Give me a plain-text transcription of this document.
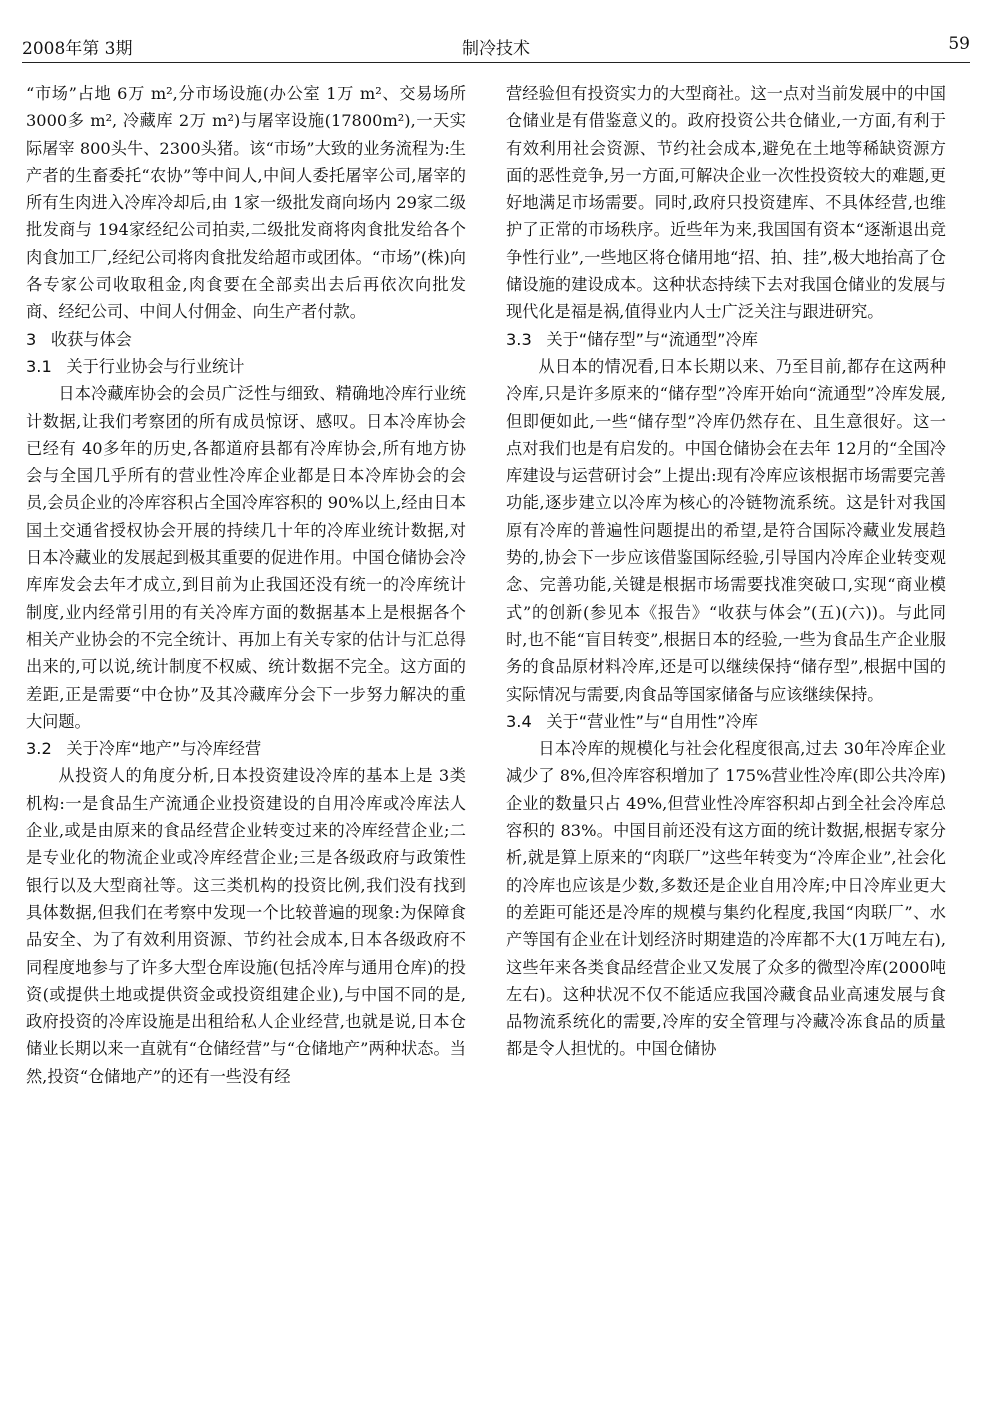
2008年第 3期	制冷技术	59

“市场”占地 6万 m²,分市场设施(办公室 1万 m²、交易场所 3000多 m², 冷藏库 2万 m²)与屠宰设施(17800m²),一天实际屠宰 800头牛、2300头猪。该“市场”大致的业务流程为:生产者的生畜委托“农协”等中间人,中间人委托屠宰公司,屠宰的所有生肉进入冷库冷却后,由 1家一级批发商向场内 29家二级批发商与 194家经纪公司拍卖,二级批发商将肉食批发给各个肉食加工厂,经纪公司将肉食批发给超市或团体。“市场”(株)向各专家公司收取租金,肉食要在全部卖出去后再依次向批发商、经纪公司、中间人付佣金、向生产者付款。

3 收获与体会
3.1 关于行业协会与行业统计

日本冷藏库协会的会员广泛性与细致、精确地冷库行业统计数据,让我们考察团的所有成员惊讶、感叹。日本冷库协会已经有 40多年的历史,各都道府县都有冷库协会,所有地方协会与全国几乎所有的营业性冷库企业都是日本冷库协会的会员,会员企业的冷库容积占全国冷库容积的 90%以上,经由日本国土交通省授权协会开展的持续几十年的冷库业统计数据,对日本冷藏业的发展起到极其重要的促进作用。中国仓储协会冷库库发会去年才成立,到目前为止我国还没有统一的冷库统计制度,业内经常引用的有关冷库方面的数据基本上是根据各个相关产业协会的不完全统计、再加上有关专家的估计与汇总得出来的,可以说,统计制度不权威、统计数据不完全。这方面的差距,正是需要“中仓协”及其冷藏库分会下一步努力解决的重大问题。

3.2 关于冷库“地产”与冷库经营

从投资人的角度分析,日本投资建设冷库的基本上是 3类机构:一是食品生产流通企业投资建设的自用冷库或冷库法人企业,或是由原来的食品经营企业转变过来的冷库经营企业;二是专业化的物流企业或冷库经营企业;三是各级政府与政策性银行以及大型商社等。这三类机构的投资比例,我们没有找到具体数据,但我们在考察中发现一个比较普遍的现象:为保障食品安全、为了有效利用资源、节约社会成本,日本各级政府不同程度地参与了许多大型仓库设施(包括冷库与通用仓库)的投资(或提供土地或提供资金或投资组建企业),与中国不同的是,政府投资的冷库设施是出租给私人企业经营,也就是说,日本仓储业长期以来一直就有“仓储经营”与“仓储地产”两种状态。当然,投资“仓储地产”的还有一些没有经

营经验但有投资实力的大型商社。这一点对当前发展中的中国仓储业是有借鉴意义的。政府投资公共仓储业,一方面,有利于有效利用社会资源、节约社会成本,避免在土地等稀缺资源方面的恶性竞争,另一方面,可解决企业一次性投资较大的难题,更好地满足市场需要。同时,政府只投资建库、不具体经营,也维护了正常的市场秩序。近些年为来,我国国有资本“逐渐退出竞争性行业”,一些地区将仓储用地“招、拍、挂”,极大地抬高了仓储设施的建设成本。这种状态持续下去对我国仓储业的发展与现代化是福是祸,值得业内人士广泛关注与跟进研究。

3.3 关于“储存型”与“流通型”冷库

从日本的情况看,日本长期以来、乃至目前,都存在这两种冷库,只是许多原来的“储存型”冷库开始向“流通型”冷库发展,但即便如此,一些“储存型”冷库仍然存在、且生意很好。这一点对我们也是有启发的。中国仓储协会在去年 12月的“全国冷库建设与运营研讨会”上提出:现有冷库应该根据市场需要完善功能,逐步建立以冷库为核心的冷链物流系统。这是针对我国原有冷库的普遍性问题提出的希望,是符合国际冷藏业发展趋势的,协会下一步应该借鉴国际经验,引导国内冷库企业转变观念、完善功能,关键是根据市场需要找准突破口,实现“商业模式”的创新(参见本《报告》“收获与体会”(五)(六))。与此同时,也不能“盲目转变”,根据日本的经验,一些为食品生产企业服务的食品原材料冷库,还是可以继续保持“储存型”,根据中国的实际情况与需要,肉食品等国家储备与应该继续保持。

3.4 关于“营业性”与“自用性”冷库

日本冷库的规模化与社会化程度很高,过去 30年冷库企业减少了 8%,但冷库容积增加了 175%营业性冷库(即公共冷库)企业的数量只占 49%,但营业性冷库容积却占到全社会冷库总容积的 83%。中国目前还没有这方面的统计数据,根据专家分析,就是算上原来的“肉联厂”这些年转变为“冷库企业”,社会化的冷库也应该是少数,多数还是企业自用冷库;中日冷库业更大的差距可能还是冷库的规模与集约化程度,我国“肉联厂”、水产等国有企业在计划经济时期建造的冷库都不大(1万吨左右),这些年来各类食品经营企业又发展了众多的微型冷库(2000吨左右)。这种状况不仅不能适应我国冷藏食品业高速发展与食品物流系统化的需要,冷库的安全管理与冷藏冷冻食品的质量都是令人担忧的。中国仓储协
